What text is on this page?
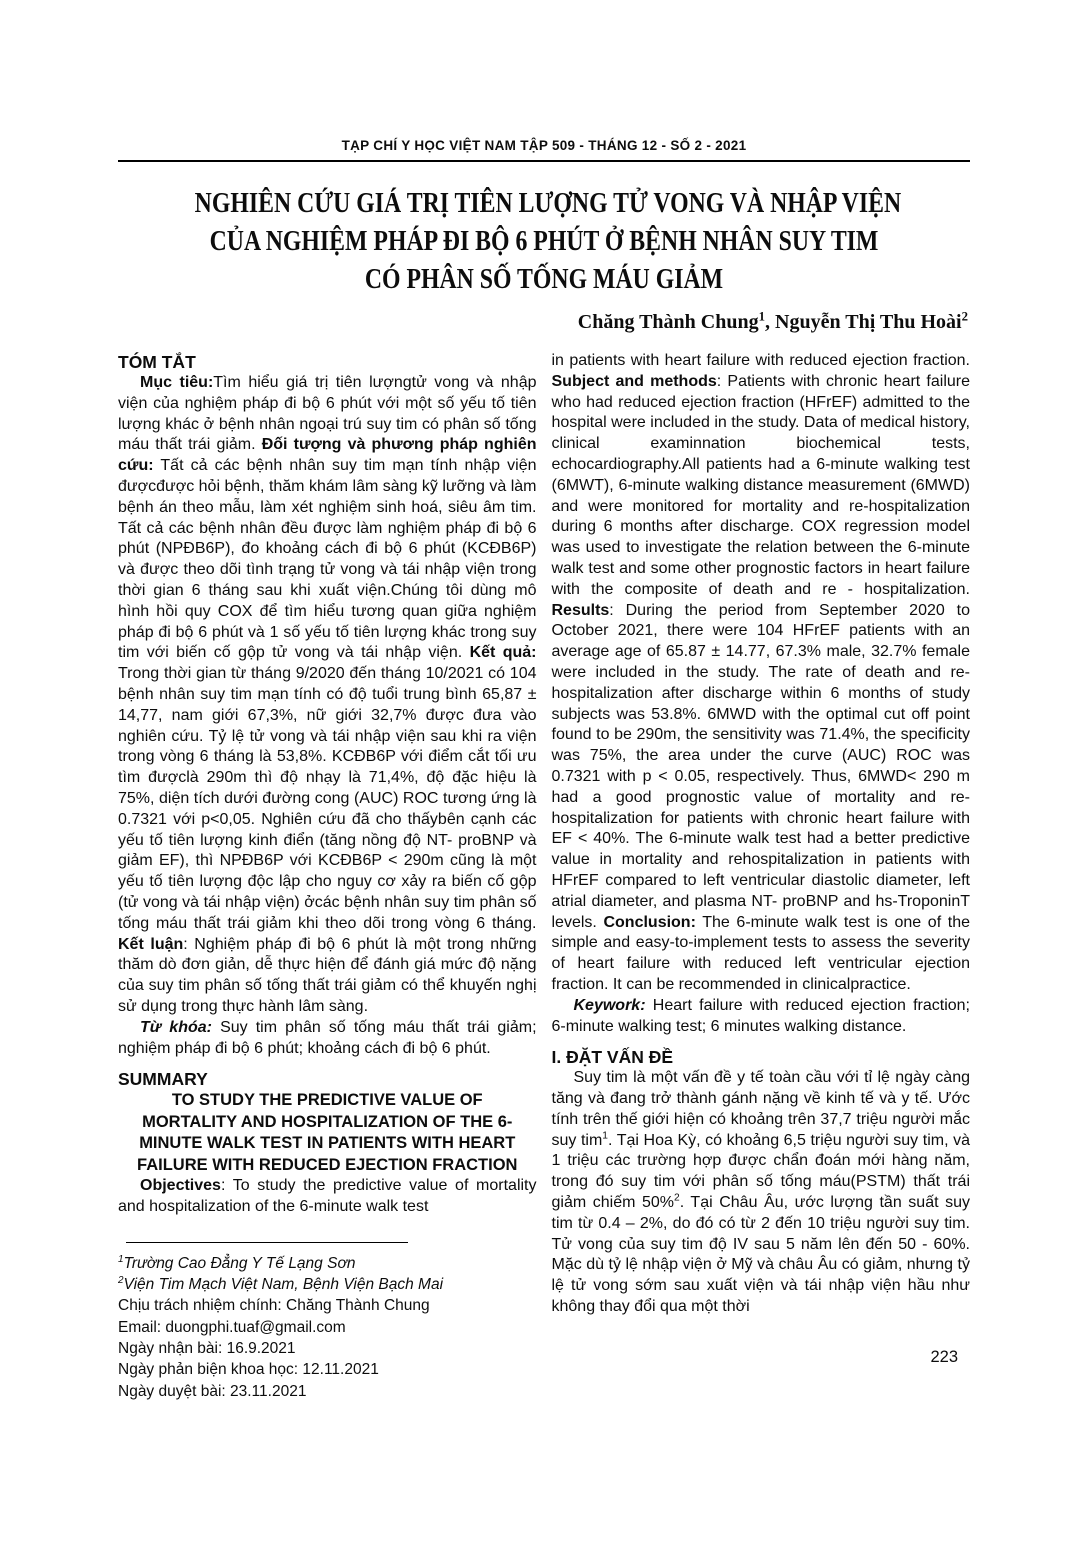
TẠP CHÍ Y HỌC VIỆT NAM TẬP 509 - THÁNG 12 - SỐ 2 - 2021
NGHIÊN CỨU GIÁ TRỊ TIÊN LƯỢNG TỬ VONG VÀ NHẬP VIỆN
CỦA NGHIỆM PHÁP ĐI BỘ 6 PHÚT Ở BỆNH NHÂN SUY TIM
CÓ PHÂN SỐ TỐNG MÁU GIẢM
Chăng Thành Chung$^1$, Nguyễn Thị Thu Hoài$^2$
TÓM TẮT

Mục tiêu:Tìm hiểu giá trị tiên lượngtử vong và nhập viện của nghiệm pháp đi bộ 6 phút với một số yếu tố tiên lượng khác ở bệnh nhân ngoại trú suy tim có phân số tống máu thất trái giảm. Đối tượng và phương pháp nghiên cứu: Tất cả các bệnh nhân suy tim mạn tính nhập viện đượcđược hỏi bệnh, thăm khám lâm sàng kỹ lưỡng và làm bệnh án theo mẫu, làm xét nghiệm sinh hoá, siêu âm tim. Tất cả các bệnh nhân đều được làm nghiệm pháp đi bộ 6 phút (NPĐB6P), đo khoảng cách đi bộ 6 phút (KCĐB6P) và được theo dõi tình trạng tử vong và tái nhập viện trong thời gian 6 tháng sau khi xuất viện.Chúng tôi dùng mô hình hồi quy COX để tìm hiểu tương quan giữa nghiệm pháp đi bộ 6 phút và 1 số yếu tố tiên lượng khác trong suy tim với biến cố gộp tử vong và tái nhập viện. Kết quả: Trong thời gian từ tháng 9/2020 đến tháng 10/2021 có 104 bệnh nhân suy tim mạn tính có độ tuổi trung bình 65,87 ± 14,77, nam giới 67,3%, nữ giới 32,7% được đưa vào nghiên cứu. Tỷ lệ tử vong và tái nhập viện sau khi ra viện trong vòng 6 tháng là 53,8%. KCĐB6P với điểm cắt tối ưu tìm đượclà 290m thì độ nhạy là 71,4%, độ đặc hiệu là 75%, diện tích dưới đường cong (AUC) ROC tương ứng là 0.7321 với p<0,05. Nghiên cứu đã cho thấybên cạnh các yếu tố tiên lượng kinh điển (tăng nồng độ NT- proBNP và giảm EF), thì NPĐB6P với KCĐB6P < 290m cũng là một yếu tố tiên lượng độc lập cho nguy cơ xảy ra biến cố gộp (tử vong và tái nhập viện) ởcác bệnh nhân suy tim phân số tống máu thất trái giảm khi theo dõi trong vòng 6 tháng. Kết luận: Nghiệm pháp đi bộ 6 phút là một trong những thăm dò đơn giản, dễ thực hiện để đánh giá mức độ nặng của suy tim phân số tống thất trái giảm có thể khuyến nghị sử dụng trong thực hành lâm sàng.

Từ khóa: Suy tim phân số tống máu thất trái giảm; nghiệm pháp đi bộ 6 phút; khoảng cách đi bộ 6 phút.

SUMMARY
TO STUDY THE PREDICTIVE VALUE OF
MORTALITY AND HOSPITALIZATION OF THE 6-
MINUTE WALK TEST IN PATIENTS WITH HEART
FAILURE WITH REDUCED EJECTION FRACTION

Objectives: To study the predictive value of mortality and hospitalization of the 6-minute walk test

$^1$Trường Cao Đẳng Y Tế Lạng Sơn
$^2$Viện Tim Mạch Việt Nam, Bệnh Viện Bạch Mai
Chịu trách nhiệm chính: Chăng Thành Chung
Email: duongphi.tuaf@gmail.com
Ngày nhận bài: 16.9.2021
Ngày phản biện khoa học: 12.11.2021
Ngày duyệt bài: 23.11.2021

in patients with heart failure with reduced ejection fraction. Subject and methods: Patients with chronic heart failure who had reduced ejection fraction (HFrEF) admitted to the hospital were included in the study. Data of medical history, clinical examinnation biochemical tests, echocardiography.All patients had a 6-minute walking test (6MWT), 6-minute walking distance measurement (6MWD) and were monitored for mortality and re-hospitalization during 6 months after discharge. COX regression model was used to investigate the relation between the 6-minute walk test and some other prognostic factors in heart failure with the composite of death and re - hospitalization. Results: During the period from September 2020 to October 2021, there were 104 HFrEF patients with an average age of 65.87 ± 14.77, 67.3% male, 32.7% female were included in the study. The rate of death and re-hospitalization after discharge within 6 months of study subjects was 53.8%. 6MWD with the optimal cut off point found to be 290m, the sensitivity was 71.4%, the specificity was 75%, the area under the curve (AUC) ROC was 0.7321 with p < 0.05, respectively. Thus, 6MWD< 290 m had a good prognostic value of mortality and re-hospitalization for patients with chronic heart failure with EF < 40%. The 6-minute walk test had a better predictive value in mortality and rehospitalization in patients with HFrEF compared to left ventricular diastolic diameter, left atrial diameter, and plasma NT- proBNP and hs-TroponinT levels. Conclusion: The 6-minute walk test is one of the simple and easy-to-implement tests to assess the severity of heart failure with reduced left ventricular ejection fraction. It can be recommended in clinicalpractice.

Keywork: Heart failure with reduced ejection fraction; 6-minute walking test; 6 minutes walking distance.

I. ĐẶT VẤN ĐỀ

Suy tim là một vấn đề y tế toàn cầu với tỉ lệ ngày càng tăng và đang trở thành gánh nặng về kinh tế và y tế. Ước tính trên thế giới hiện có khoảng trên 37,7 triệu người mắc suy tim$^1$. Tại Hoa Kỳ, có khoảng 6,5 triệu người suy tim, và 1 triệu các trường hợp được chẩn đoán mới hàng năm, trong đó suy tim với phân số tống máu(PSTM) thất trái giảm chiếm 50%$^2$. Tại Châu Âu, ước lượng tần suất suy tim từ 0.4 – 2%, do đó có từ 2 đến 10 triệu người suy tim. Tử vong của suy tim độ IV sau 5 năm lên đến 50 - 60%. Mặc dù tỷ lệ nhập viện ở Mỹ và châu Âu có giảm, nhưng tỷ lệ tử vong sớm sau xuất viện và tái nhập viện hầu như không thay đổi qua một thời

223
